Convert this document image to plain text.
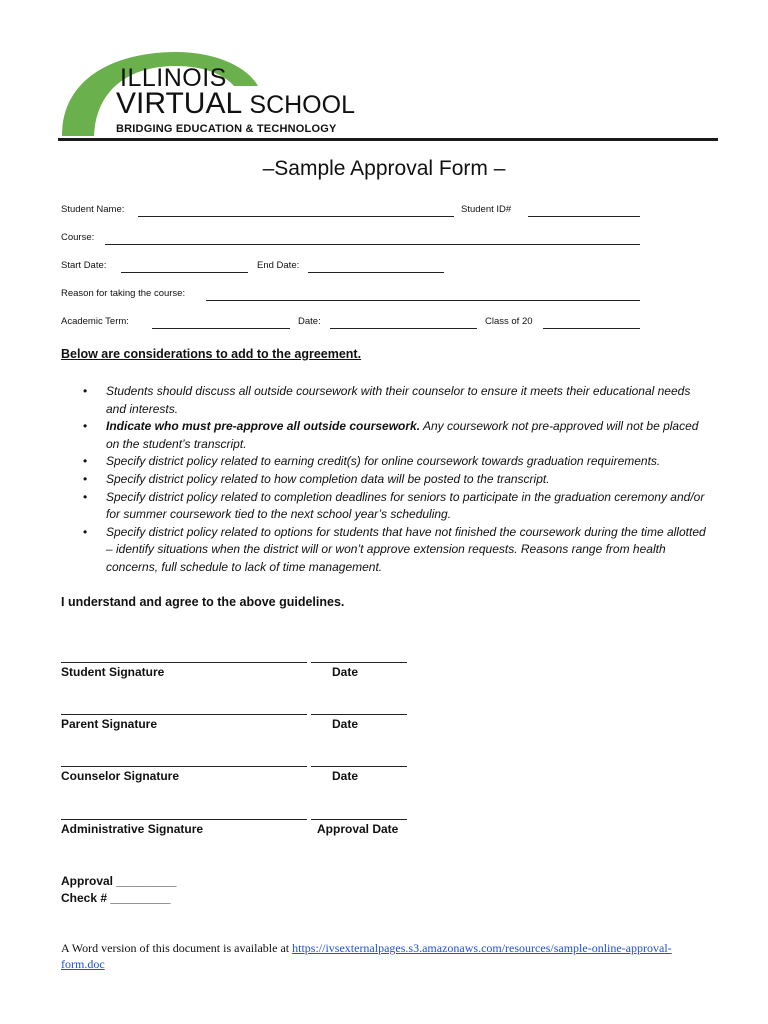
ILLINOIS
VIRTUAL SCHOOL
BRIDGING EDUCATION & TECHNOLOGY
–Sample Approval Form –
Student Name:	Student ID#
Course:
Start Date:	End Date:
Reason for taking the course:
Academic Term:	Date:	Class of 20
Below are considerations to add to the agreement.
• Students should discuss all outside coursework with their counselor to ensure it meets their educational needs and interests.
• Indicate who must pre-approve all outside coursework. Any coursework not pre-approved will not be placed on the student’s transcript.
• Specify district policy related to earning credit(s) for online coursework towards graduation requirements.
• Specify district policy related to how completion data will be posted to the transcript.
• Specify district policy related to completion deadlines for seniors to participate in the graduation ceremony and/or for summer coursework tied to the next school year’s scheduling.
• Specify district policy related to options for students that have not finished the coursework during the time allotted – identify situations when the district will or won’t approve extension requests. Reasons range from health concerns, full schedule to lack of time management.
I understand and agree to the above guidelines.
Student Signature	Date
Parent Signature	Date
Counselor Signature	Date
Administrative Signature	Approval Date
Approval _________
Check # _________
A Word version of this document is available at https://ivsexternalpages.s3.amazonaws.com/resources/sample-online-approval-form.doc
